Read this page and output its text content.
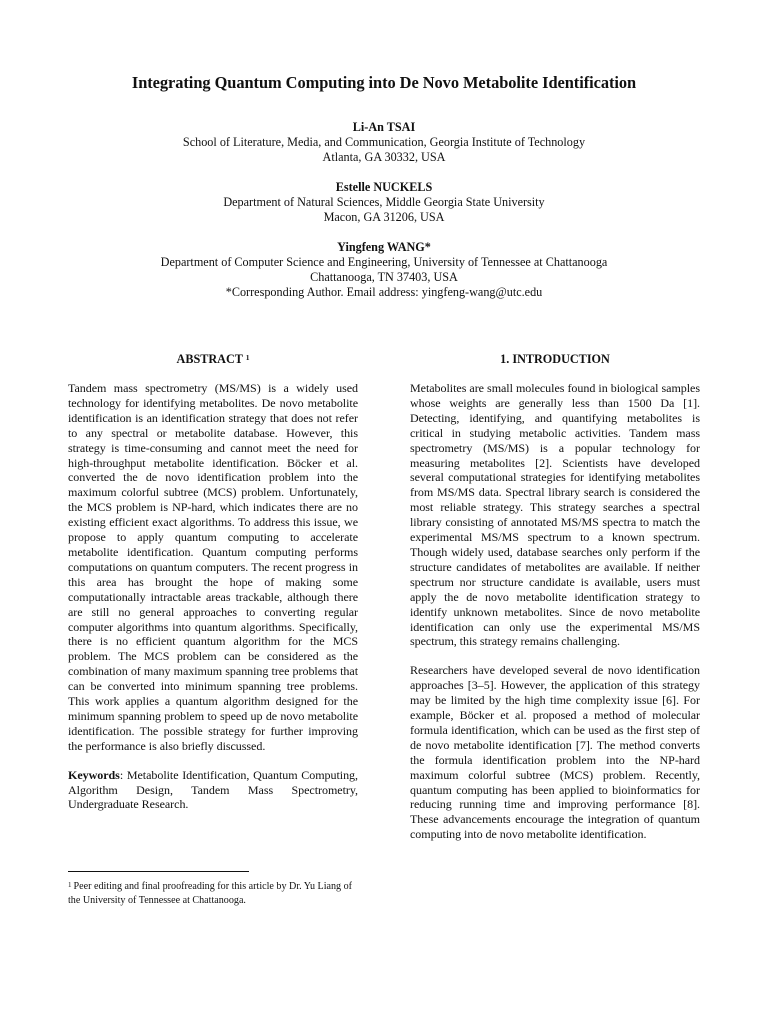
Integrating Quantum Computing into De Novo Metabolite Identification
Li-An TSAI
School of Literature, Media, and Communication, Georgia Institute of Technology
Atlanta, GA 30332, USA
Estelle NUCKELS
Department of Natural Sciences, Middle Georgia State University
Macon, GA 31206, USA
Yingfeng WANG*
Department of Computer Science and Engineering, University of Tennessee at Chattanooga
Chattanooga, TN 37403, USA
*Corresponding Author. Email address: yingfeng-wang@utc.edu
ABSTRACT $^1$

Tandem mass spectrometry (MS/MS) is a widely used technology for identifying metabolites. De novo metabolite identification is an identification strategy that does not refer to any spectral or metabolite database. However, this strategy is time-consuming and cannot meet the need for high-throughput metabolite identification. Böcker et al. converted the de novo identification problem into the maximum colorful subtree (MCS) problem. Unfortunately, the MCS problem is NP-hard, which indicates there are no existing efficient exact algorithms. To address this issue, we propose to apply quantum computing to accelerate metabolite identification. Quantum computing performs computations on quantum computers. The recent progress in this area has brought the hope of making some computationally intractable areas trackable, although there are still no general approaches to converting regular computer algorithms into quantum algorithms. Specifically, there is no efficient quantum algorithm for the MCS problem. The MCS problem can be considered as the combination of many maximum spanning tree problems that can be converted into minimum spanning tree problems. This work applies a quantum algorithm designed for the minimum spanning problem to speed up de novo metabolite identification. The possible strategy for further improving the performance is also briefly discussed.

Keywords: Metabolite Identification, Quantum Computing, Algorithm Design, Tandem Mass Spectrometry, Undergraduate Research.

1. INTRODUCTION

Metabolites are small molecules found in biological samples whose weights are generally less than 1500 Da [1]. Detecting, identifying, and quantifying metabolites is critical in studying metabolic activities. Tandem mass spectrometry (MS/MS) is a popular technology for measuring metabolites [2]. Scientists have developed several computational strategies for identifying metabolites from MS/MS data. Spectral library search is considered the most reliable strategy. This strategy searches a spectral library consisting of annotated MS/MS spectra to match the experimental MS/MS spectrum to a known spectrum. Though widely used, database searches only perform if the structure candidates of metabolites are available. If neither spectrum nor structure candidate is available, users must apply the de novo metabolite identification strategy to identify unknown metabolites. Since de novo metabolite identification can only use the experimental MS/MS spectrum, this strategy remains challenging.

Researchers have developed several de novo identification approaches [3–5]. However, the application of this strategy may be limited by the high time complexity issue [6]. For example, Böcker et al. proposed a method of molecular formula identification, which can be used as the first step of de novo metabolite identification [7]. The method converts the formula identification problem into the NP-hard maximum colorful subtree (MCS) problem. Recently, quantum computing has been applied to bioinformatics for reducing running time and improving performance [8]. These advancements encourage the integration of quantum computing into de novo metabolite identification.

$^1$ Peer editing and final proofreading for this article by Dr. Yu Liang of the University of Tennessee at Chattanooga.
